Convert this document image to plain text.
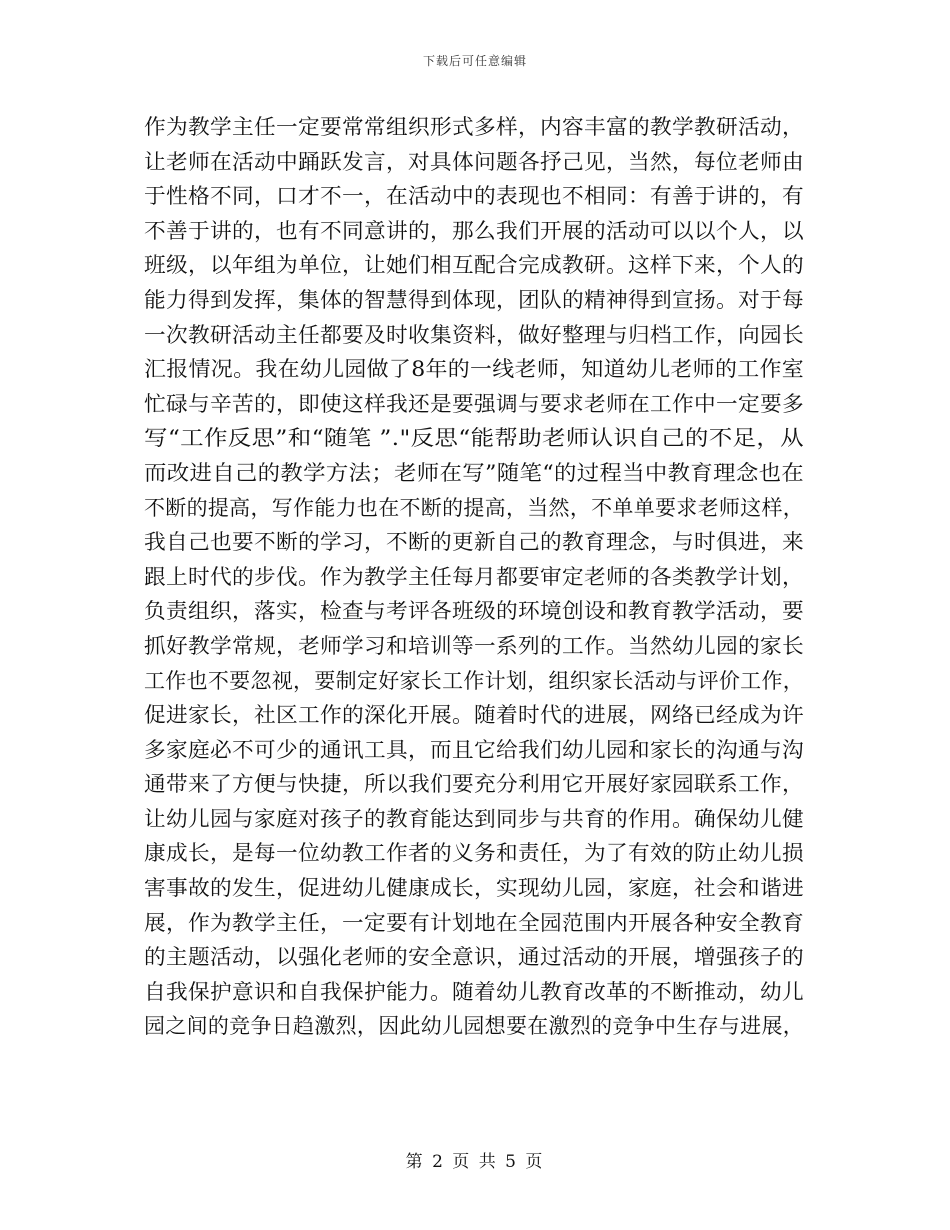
下载后可任意编辑
作为教学主任一定要常常组织形式多样，内容丰富的教学教研活动，
让老师在活动中踊跃发言，对具体问题各抒己见，当然，每位老师由
于性格不同，口才不一，在活动中的表现也不相同：有善于讲的，有
不善于讲的，也有不同意讲的，那么我们开展的活动可以以个人，以
班级，以年组为单位，让她们相互配合完成教研。这样下来，个人的
能力得到发挥，集体的智慧得到体现，团队的精神得到宣扬。对于每
一次教研活动主任都要及时收集资料，做好整理与归档工作，向园长
汇报情况。我在幼儿园做了8年的一线老师，知道幼儿老师的工作室
忙碌与辛苦的，即使这样我还是要强调与要求老师在工作中一定要多
写“工作反思”和“随笔 ”."反思“能帮助老师认识自己的不足，从
而改进自己的教学方法；老师在写”随笔“的过程当中教育理念也在
不断的提高，写作能力也在不断的提高，当然，不单单要求老师这样，
我自己也要不断的学习，不断的更新自己的教育理念，与时俱进，来
跟上时代的步伐。作为教学主任每月都要审定老师的各类教学计划，
负责组织，落实，检查与考评各班级的环境创设和教育教学活动，要
抓好教学常规，老师学习和培训等一系列的工作。当然幼儿园的家长
工作也不要忽视，要制定好家长工作计划，组织家长活动与评价工作，
促进家长，社区工作的深化开展。随着时代的进展，网络已经成为许
多家庭必不可少的通讯工具，而且它给我们幼儿园和家长的沟通与沟
通带来了方便与快捷，所以我们要充分利用它开展好家园联系工作，
让幼儿园与家庭对孩子的教育能达到同步与共育的作用。确保幼儿健
康成长，是每一位幼教工作者的义务和责任，为了有效的防止幼儿损
害事故的发生，促进幼儿健康成长，实现幼儿园，家庭，社会和谐进
展，作为教学主任，一定要有计划地在全园范围内开展各种安全教育
的主题活动，以强化老师的安全意识，通过活动的开展，增强孩子的
自我保护意识和自我保护能力。随着幼儿教育改革的不断推动，幼儿
园之间的竞争日趋激烈，因此幼儿园想要在激烈的竞争中生存与进展，
第 2 页 共 5 页
